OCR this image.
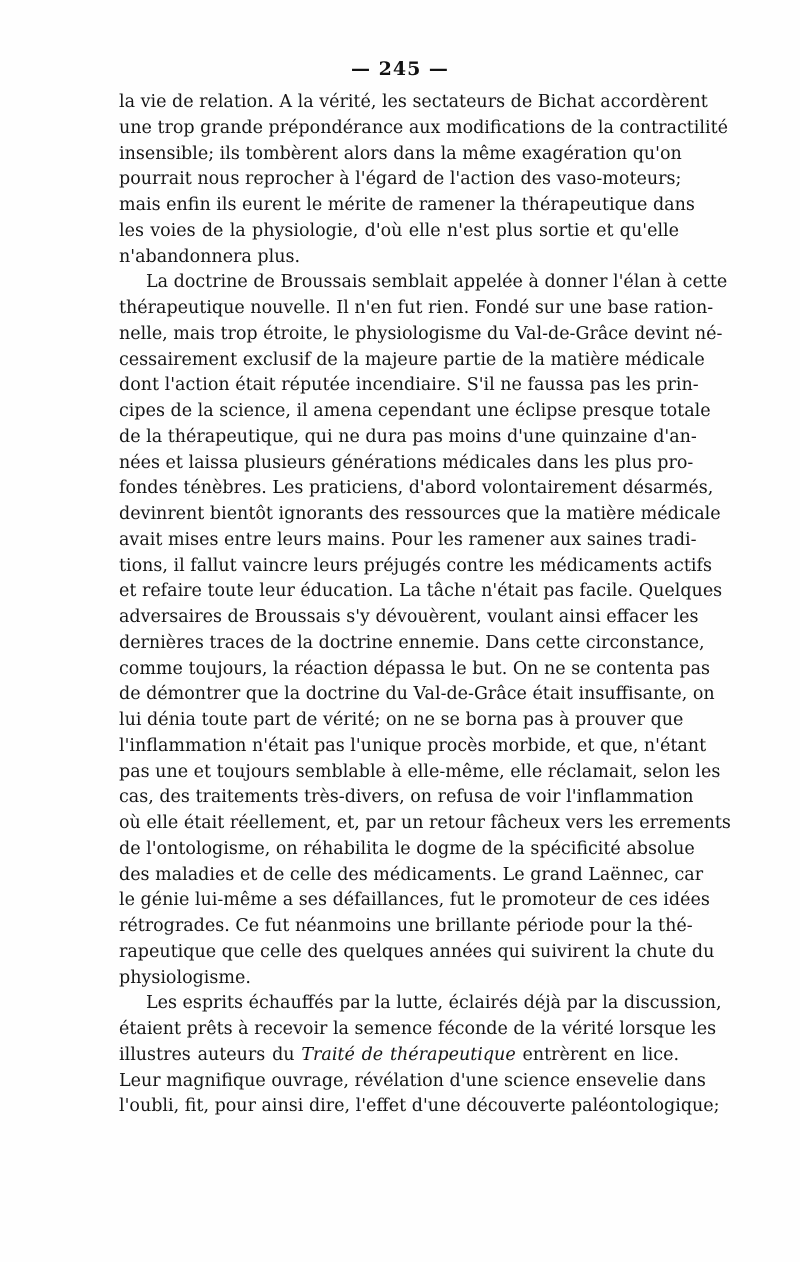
— 245 —
la vie de relation. A la vérité, les sectateurs de Bichat accordèrent
une trop grande prépondérance aux modifications de la contractilité
insensible; ils tombèrent alors dans la même exagération qu'on
pourrait nous reprocher à l'égard de l'action des vaso-moteurs;
mais enfin ils eurent le mérite de ramener la thérapeutique dans
les voies de la physiologie, d'où elle n'est plus sortie et qu'elle
n'abandonnera plus.
La doctrine de Broussais semblait appelée à donner l'élan à cette
thérapeutique nouvelle. Il n'en fut rien. Fondé sur une base ration-
nelle, mais trop étroite, le physiologisme du Val-de-Grâce devint né-
cessairement exclusif de la majeure partie de la matière médicale
dont l'action était réputée incendiaire. S'il ne faussa pas les prin-
cipes de la science, il amena cependant une éclipse presque totale
de la thérapeutique, qui ne dura pas moins d'une quinzaine d'an-
nées et laissa plusieurs générations médicales dans les plus pro-
fondes ténèbres. Les praticiens, d'abord volontairement désarmés,
devinrent bientôt ignorants des ressources que la matière médicale
avait mises entre leurs mains. Pour les ramener aux saines tradi-
tions, il fallut vaincre leurs préjugés contre les médicaments actifs
et refaire toute leur éducation. La tâche n'était pas facile. Quelques
adversaires de Broussais s'y dévouèrent, voulant ainsi effacer les
dernières traces de la doctrine ennemie. Dans cette circonstance,
comme toujours, la réaction dépassa le but. On ne se contenta pas
de démontrer que la doctrine du Val-de-Grâce était insuffisante, on
lui dénia toute part de vérité; on ne se borna pas à prouver que
l'inflammation n'était pas l'unique procès morbide, et que, n'étant
pas une et toujours semblable à elle-même, elle réclamait, selon les
cas, des traitements très-divers, on refusa de voir l'inflammation
où elle était réellement, et, par un retour fâcheux vers les errements
de l'ontologisme, on réhabilita le dogme de la spécificité absolue
des maladies et de celle des médicaments. Le grand Laënnec, car
le génie lui-même a ses défaillances, fut le promoteur de ces idées
rétrogrades. Ce fut néanmoins une brillante période pour la thé-
rapeutique que celle des quelques années qui suivirent la chute du
physiologisme.
Les esprits échauffés par la lutte, éclairés déjà par la discussion,
étaient prêts à recevoir la semence féconde de la vérité lorsque les
illustres auteurs du Traité de thérapeutique entrèrent en lice.
Leur magnifique ouvrage, révélation d'une science ensevelie dans
l'oubli, fit, pour ainsi dire, l'effet d'une découverte paléontologique;
